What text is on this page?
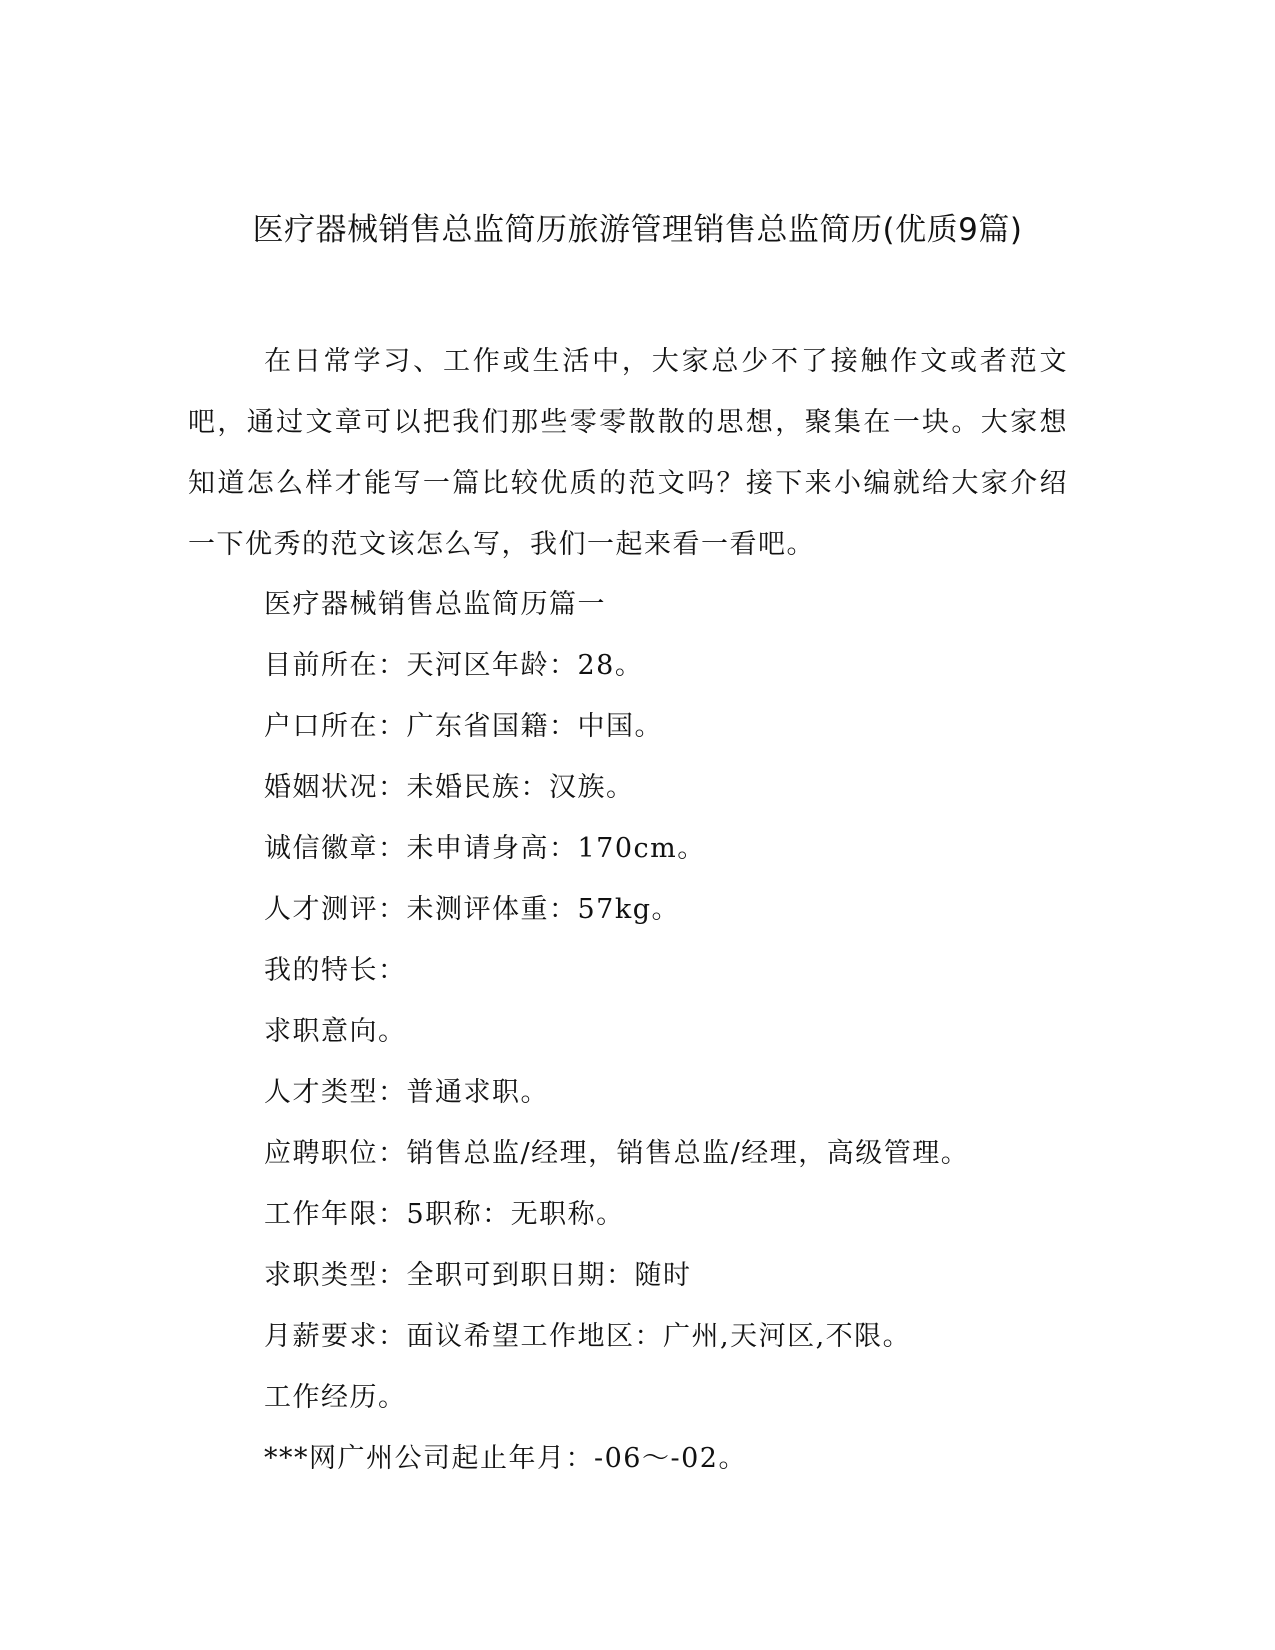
医疗器械销售总监简历旅游管理销售总监简历(优质9篇)

在日常学习、工作或生活中，大家总少不了接触作文或者范文吧，通过文章可以把我们那些零零散散的思想，聚集在一块。大家想知道怎么样才能写一篇比较优质的范文吗？接下来小编就给大家介绍一下优秀的范文该怎么写，我们一起来看一看吧。

医疗器械销售总监简历篇一
目前所在：天河区年龄：28。
户口所在：广东省国籍：中国。
婚姻状况：未婚民族：汉族。
诚信徽章：未申请身高：170cm。
人才测评：未测评体重：57kg。
我的特长：
求职意向。
人才类型：普通求职。
应聘职位：销售总监/经理，销售总监/经理，高级管理。
工作年限：5职称：无职称。
求职类型：全职可到职日期：随时
月薪要求：面议希望工作地区：广州,天河区,不限。
工作经历。
***网广州公司起止年月：-06～-02。
